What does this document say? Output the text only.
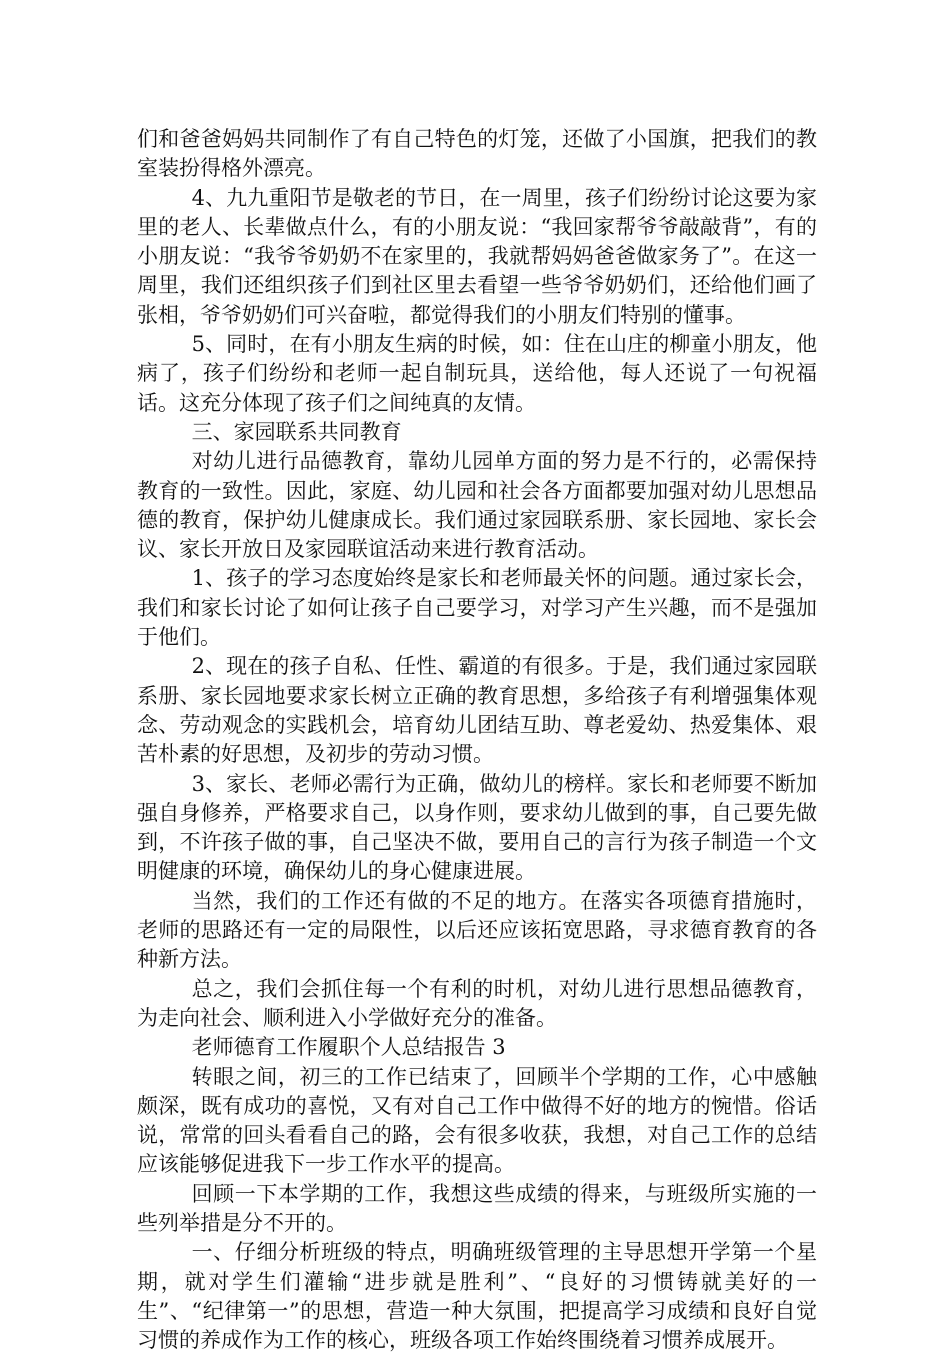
们和爸爸妈妈共同制作了有自己特色的灯笼，还做了小国旗，把我们的教室装扮得格外漂亮。

4、九九重阳节是敬老的节日，在一周里，孩子们纷纷讨论这要为家里的老人、长辈做点什么，有的小朋友说：“我回家帮爷爷敲敲背”，有的小朋友说：“我爷爷奶奶不在家里的，我就帮妈妈爸爸做家务了”。在这一周里，我们还组织孩子们到社区里去看望一些爷爷奶奶们，还给他们画了张相，爷爷奶奶们可兴奋啦，都觉得我们的小朋友们特别的懂事。

5、同时，在有小朋友生病的时候，如：住在山庄的柳童小朋友，他病了，孩子们纷纷和老师一起自制玩具，送给他，每人还说了一句祝福话。这充分体现了孩子们之间纯真的友情。

三、家园联系共同教育

对幼儿进行品德教育，靠幼儿园单方面的努力是不行的，必需保持教育的一致性。因此，家庭、幼儿园和社会各方面都要加强对幼儿思想品德的教育，保护幼儿健康成长。我们通过家园联系册、家长园地、家长会议、家长开放日及家园联谊活动来进行教育活动。

1、孩子的学习态度始终是家长和老师最关怀的问题。通过家长会，我们和家长讨论了如何让孩子自己要学习，对学习产生兴趣，而不是强加于他们。

2、现在的孩子自私、任性、霸道的有很多。于是，我们通过家园联系册、家长园地要求家长树立正确的教育思想，多给孩子有利增强集体观念、劳动观念的实践机会，培育幼儿团结互助、尊老爱幼、热爱集体、艰苦朴素的好思想，及初步的劳动习惯。

3、家长、老师必需行为正确，做幼儿的榜样。家长和老师要不断加强自身修养，严格要求自己，以身作则，要求幼儿做到的事，自己要先做到，不许孩子做的事，自己坚决不做，要用自己的言行为孩子制造一个文明健康的环境，确保幼儿的身心健康进展。

当然，我们的工作还有做的不足的地方。在落实各项德育措施时，老师的思路还有一定的局限性，以后还应该拓宽思路，寻求德育教育的各种新方法。

总之，我们会抓住每一个有利的时机，对幼儿进行思想品德教育，为走向社会、顺利进入小学做好充分的准备。

老师德育工作履职个人总结报告 3

转眼之间，初三的工作已结束了，回顾半个学期的工作，心中感触颇深，既有成功的喜悦，又有对自己工作中做得不好的地方的惋惜。俗话说，常常的回头看看自己的路，会有很多收获，我想，对自己工作的总结应该能够促进我下一步工作水平的提高。

回顾一下本学期的工作，我想这些成绩的得来，与班级所实施的一些列举措是分不开的。

一、仔细分析班级的特点，明确班级管理的主导思想开学第一个星期，就对学生们灌输“进步就是胜利”、“良好的习惯铸就美好的一生”、“纪律第一”的思想，营造一种大氛围，把提高学习成绩和良好自觉习惯的养成作为工作的核心，班级各项工作始终围绕着习惯养成展开。
